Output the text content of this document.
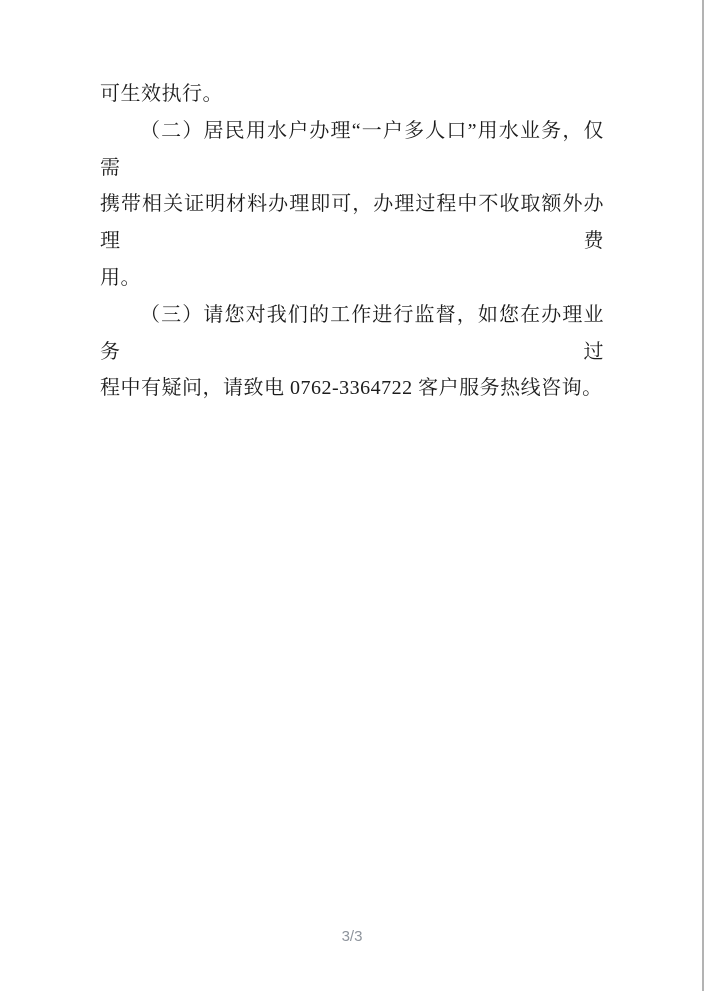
可生效执行。

（二）居民用水户办理“一户多人口”用水业务，仅需
携带相关证明材料办理即可，办理过程中不收取额外办理费
用。

（三）请您对我们的工作进行监督，如您在办理业务过
程中有疑问，请致电 0762-3364722 客户服务热线咨询。

3/3
